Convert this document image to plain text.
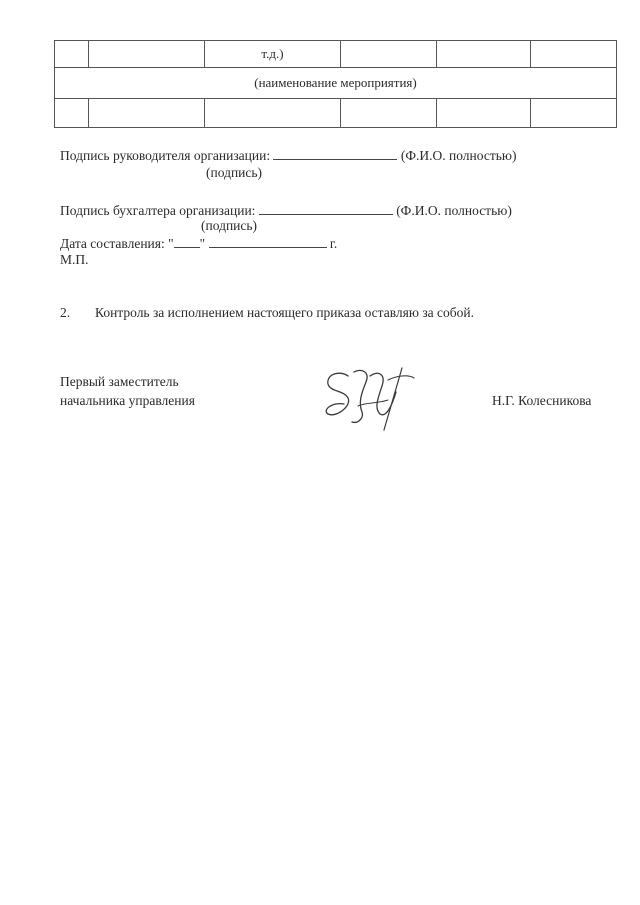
		т.д.)			
(наименование мероприятия)					

Подпись руководителя организации:	(Ф.И.О. полностью)
(подпись)
Подпись бухгалтера организации:	(Ф.И.О. полностью)
(подпись)
Дата составления: " "	г.
М.П.
2. Контроль за исполнением настоящего приказа оставляю за собой.
Первый заместитель
начальника управления	Н.Г. Колесникова
